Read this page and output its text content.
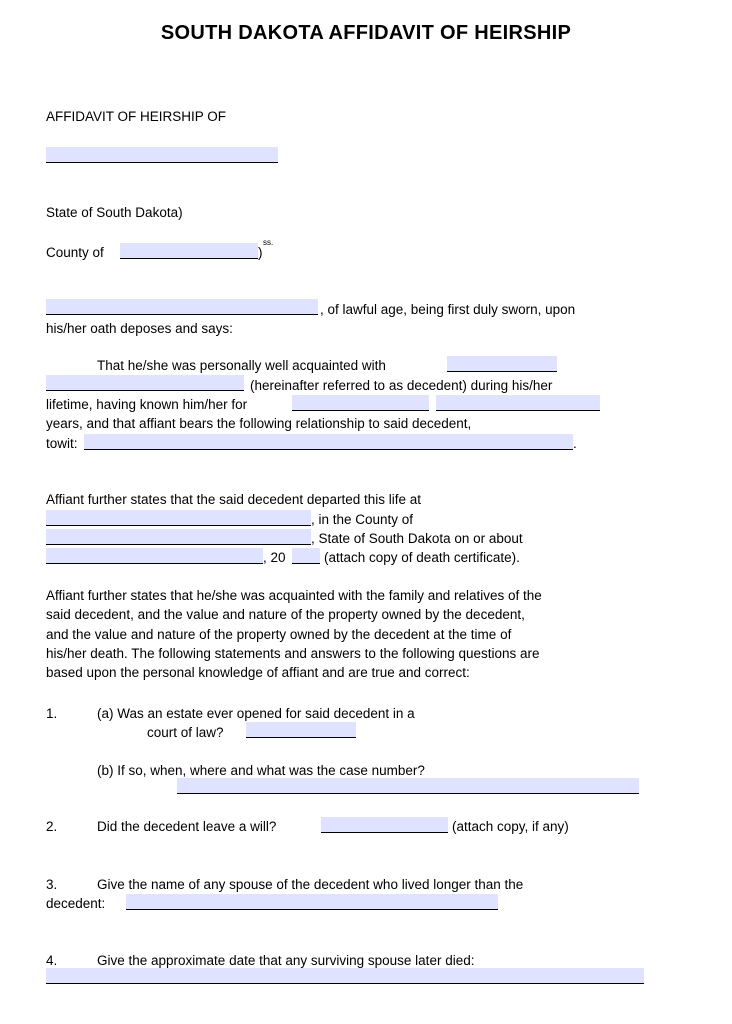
SOUTH DAKOTA AFFIDAVIT OF HEIRSHIP
AFFIDAVIT OF HEIRSHIP OF
State of South Dakota)
County of	)
ss.
, of lawful age, being first duly sworn, upon
his/her oath deposes and says:
That he/she was personally well acquainted with
(hereinafter referred to as decedent) during his/her
lifetime, having known him/her for
years, and that affiant bears the following relationship to said decedent,
towit:	.
Affiant further states that the said decedent departed this life at
, in the County of
, State of South Dakota on or about
, 20	(attach copy of death certificate).
Affiant further states that he/she was acquainted with the family and relatives of the
said decedent, and the value and nature of the property owned by the decedent,
and the value and nature of the property owned by the decedent at the time of
his/her death. The following statements and answers to the following questions are
based upon the personal knowledge of affiant and are true and correct:
1.	(a) Was an estate ever opened for said decedent in a
court of law?
(b) If so, when, where and what was the case number?
2.	Did the decedent leave a will?	(attach copy, if any)
3.	Give the name of any spouse of the decedent who lived longer than the
decedent:
4.	Give the approximate date that any surviving spouse later died:
